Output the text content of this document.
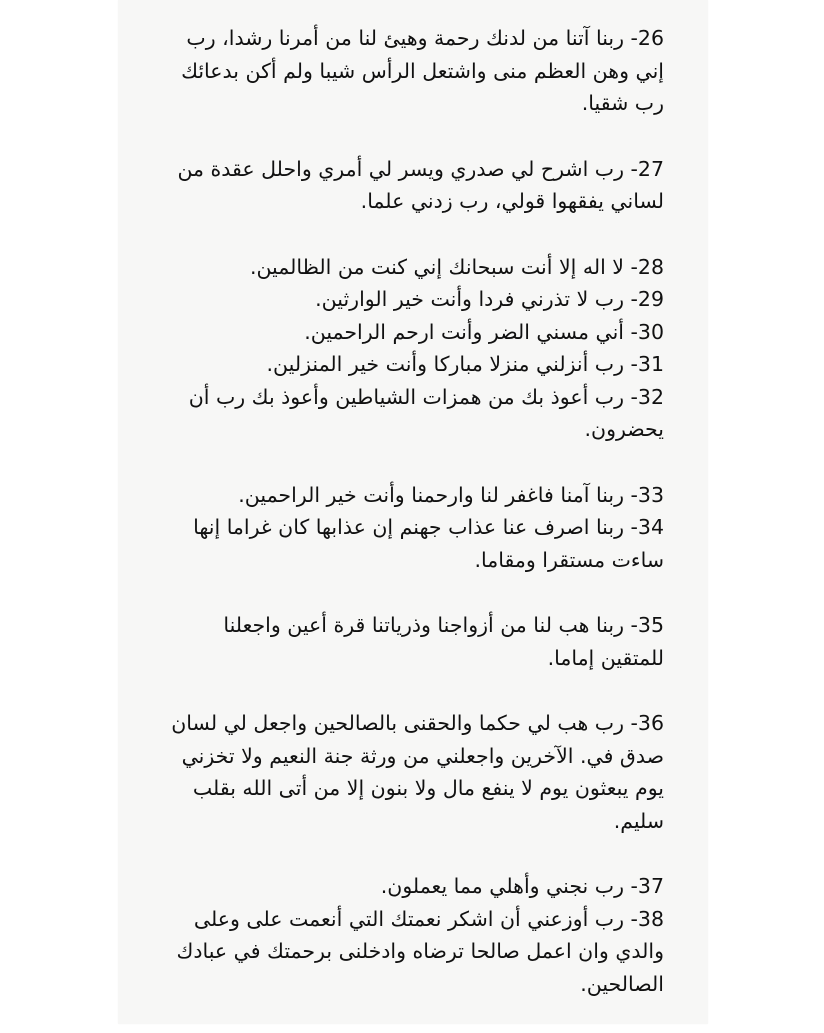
26- ربنا آتنا من لدنك رحمة وهيئ لنا من أمرنا رشدا، رب إني وهن العظم منى واشتعل الرأس شيبا ولم أكن بدعائك رب شقيا.

27- رب اشرح لي صدري ويسر لي أمري واحلل عقدة من لساني يفقهوا قولي، رب زدني علما.

28- لا اله إلا أنت سبحانك إني كنت من الظالمين.

29- رب لا تذرني فردا وأنت خير الوارثين.

30- أني مسني الضر وأنت ارحم الراحمين.

31- رب أنزلني منزلا مباركا وأنت خير المنزلين.

32- رب أعوذ بك من همزات الشياطين وأعوذ بك رب أن يحضرون.

33- ربنا آمنا فاغفر لنا وارحمنا وأنت خير الراحمين.

34- ربنا اصرف عنا عذاب جهنم إن عذابها كان غراما إنها ساءت مستقرا ومقاما.

35- ربنا هب لنا من أزواجنا وذرياتنا قرة أعين واجعلنا للمتقين إماما.

36- رب هب لي حكما والحقنى بالصالحين واجعل لي لسان صدق في. الآخرين واجعلني من ورثة جنة النعيم ولا تخزني يوم يبعثون يوم لا ينفع مال ولا بنون إلا من أتى الله بقلب سليم.

37- رب نجني وأهلي مما يعملون.

38- رب أوزعني أن اشكر نعمتك التي أنعمت على وعلى والدي وان اعمل صالحا ترضاه وادخلنى برحمتك في عبادك الصالحين.
